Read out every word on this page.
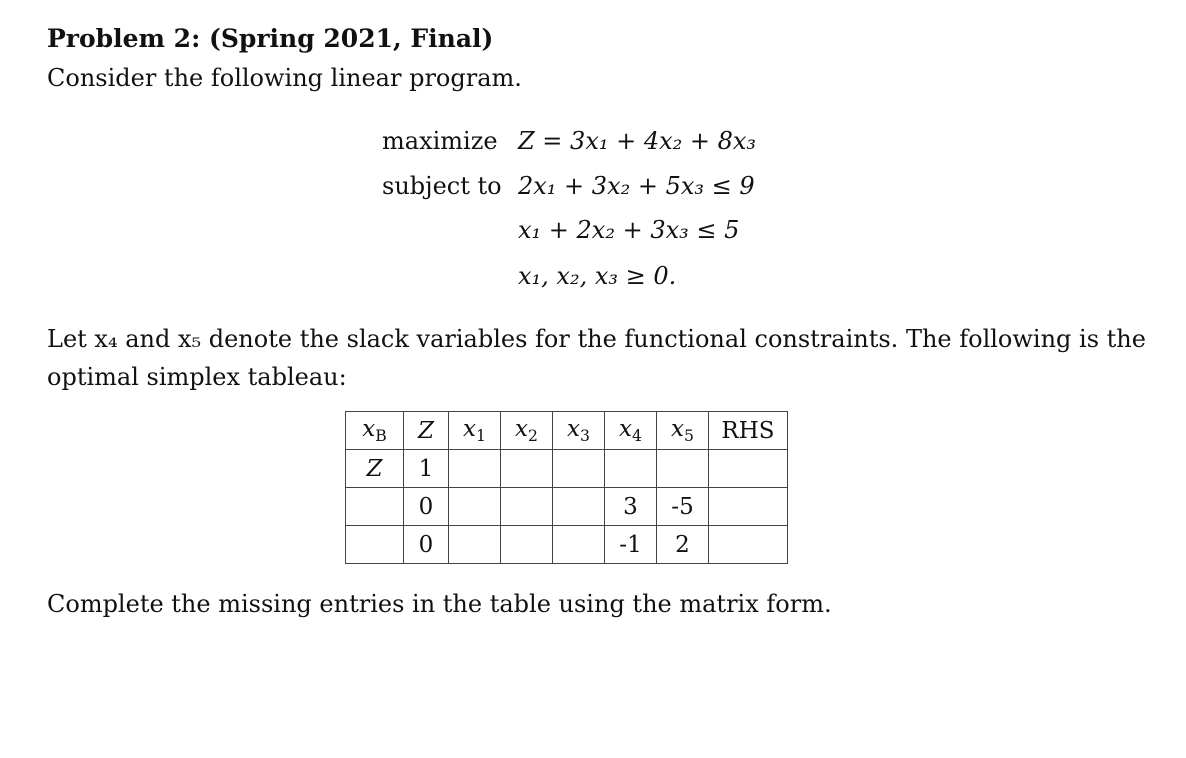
Problem 2: (Spring 2021, Final)
Consider the following linear program.
maximize Z = 3x₁ + 4x₂ + 8x₃
subject to 2x₁ + 3x₂ + 5x₃ ≤ 9
x₁ + 2x₂ + 3x₃ ≤ 5
x₁, x₂, x₃ ≥ 0.
Let x₄ and x₅ denote the slack variables for the functional constraints. The following is the optimal simplex tableau:
$x_B$	Z	$x_1$	$x_2$	$x_3$	$x_4$	$x_5$	RHS
Z	1						
	0				3	-5	
	0				-1	2	
Complete the missing entries in the table using the matrix form.
